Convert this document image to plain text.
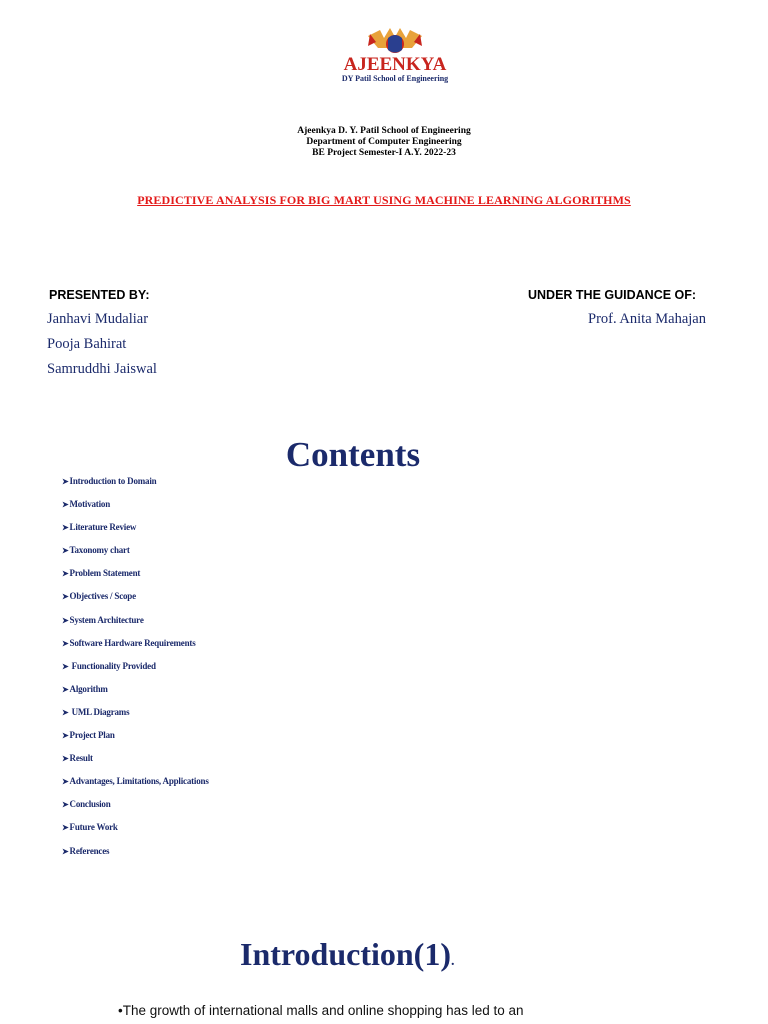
AJEENKYA
DY Patil School of Engineering
Ajeenkya D. Y. Patil School of Engineering
Department of Computer Engineering
BE Project Semester-I A.Y. 2022-23
PREDICTIVE ANALYSIS FOR BIG MART USING MACHINE LEARNING ALGORITHMS
PRESENTED BY:
Janhavi Mudaliar
Pooja Bahirat
Samruddhi Jaiswal
UNDER THE GUIDANCE OF:
Prof. Anita Mahajan
Contents
➤Introduction to Domain
➤Motivation
➤Literature Review
➤Taxonomy chart
➤Problem Statement
➤Objectives / Scope
➤System Architecture
➤Software Hardware Requirements
➤ Functionality Provided
➤Algorithm
➤ UML Diagrams
➤Project Plan
➤Result
➤Advantages, Limitations, Applications
➤Conclusion
➤Future Work
➤References
Introduction(1).
•The growth of international malls and online shopping has led to an
